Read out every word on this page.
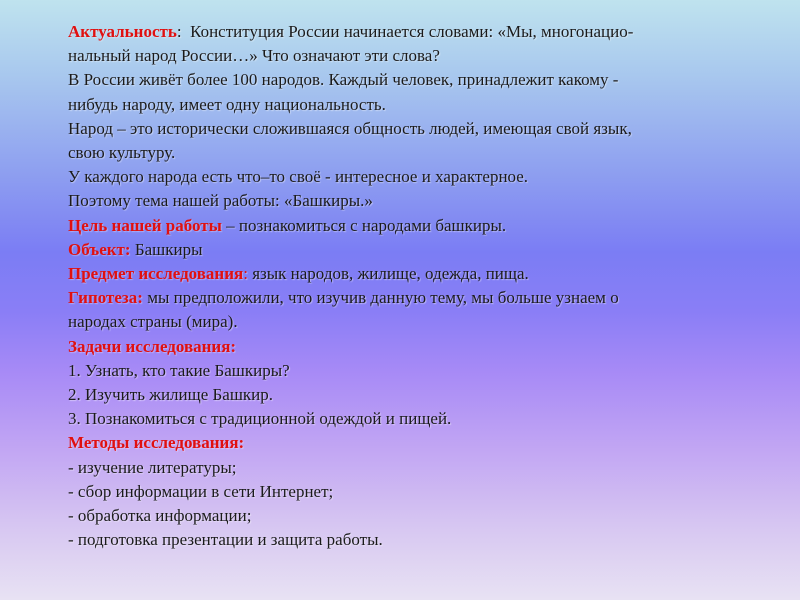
Актуальность:  Конституция России начинается словами: «Мы, многонацио-
нальный народ России…» Что означают эти слова?
В России живёт более 100 народов. Каждый человек, принадлежит какому -
нибудь народу, имеет одну национальность.
Народ – это исторически сложившаяся общность людей, имеющая свой язык,
свою культуру.
У каждого народа есть что–то своё - интересное и характерное.
Поэтому тема нашей работы: «Башкиры.»
Цель нашей работы – познакомиться с народами башкиры.
Объект: Башкиры
Предмет исследования: язык народов, жилище, одежда, пища.
Гипотеза: мы предположили, что изучив данную тему, мы больше узнаем о
народах страны (мира).
Задачи исследования:
1. Узнать, кто такие Башкиры?
2. Изучить жилище Башкир.
3. Познакомиться с традиционной одеждой и пищей.
Методы исследования:
- изучение литературы;
- сбор информации в сети Интернет;
- обработка информации;
- подготовка презентации и защита работы.
